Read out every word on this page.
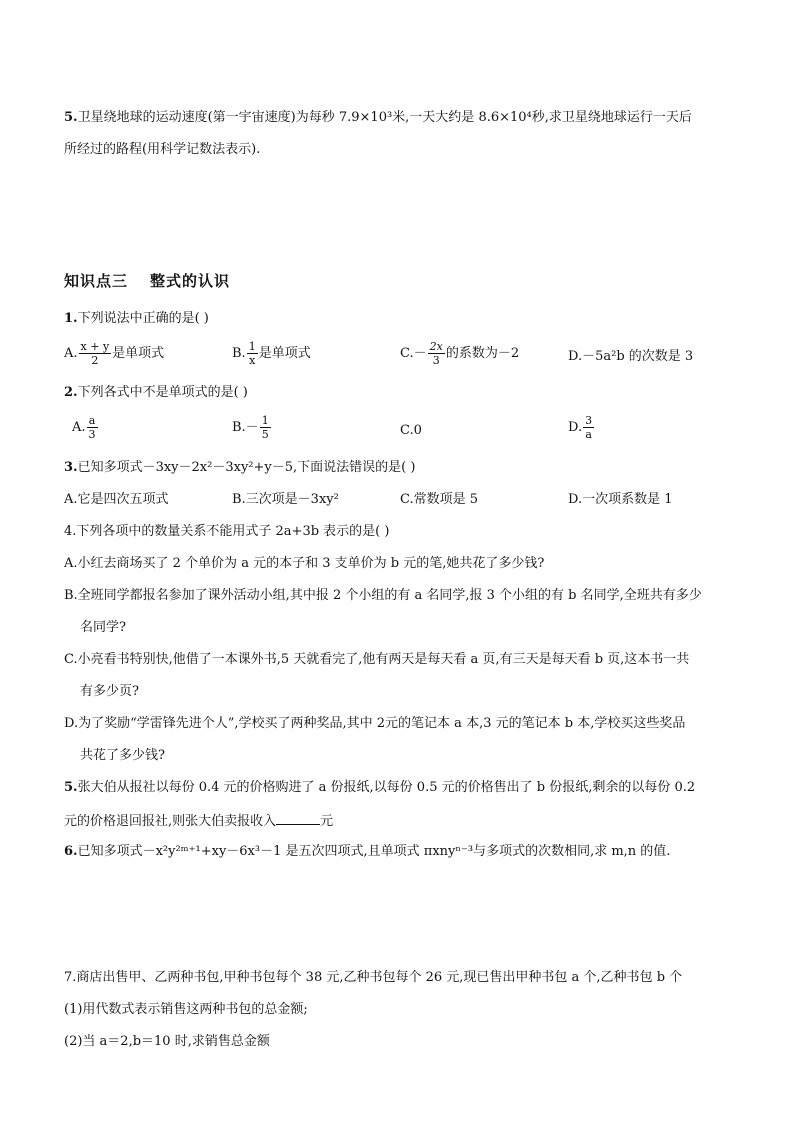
5.卫星绕地球的运动速度(第一宇宙速度)为每秒 7.9×10³米,一天大约是 8.6×10⁴秒,求卫星绕地球运行一天后
所经过的路程(用科学记数法表示).
知识点三 整式的认识
1.下列说法中正确的是( )
A. $\frac{x + y}{2}$ 是单项式	B. $\frac{1}{x}$ 是单项式	$C.- \frac{2x}{3}$ 的系数为－2	D.－5a²b 的次数是 3
2.下列各式中不是单项式的是( )
A. $\frac{a}{3}$	$B.- \frac{1}{5}$	C.0	D. $\frac{3}{a}$
3.已知多项式－3xy－2x²－3xy²+y－5,下面说法错误的是( )
A.它是四次五项式	B.三次项是－3xy²	C.常数项是 5	D.一次项系数是 1
4.下列各项中的数量关系不能用式子 2a+3b 表示的是( )
A.小红去商场买了 2 个单价为 a 元的本子和 3 支单价为 b 元的笔,她共花了多少钱?
B.全班同学都报名参加了课外活动小组,其中报 2 个小组的有 a 名同学,报 3 个小组的有 b 名同学,全班共有多少
名同学?
C.小亮看书特别快,他借了一本课外书,5 天就看完了,他有两天是每天看 a 页,有三天是每天看 b 页,这本书一共
有多少页?
D.为了奖励“学雷锋先进个人”,学校买了两种奖品,其中 2元的笔记本 a 本,3 元的笔记本 b 本,学校买这些奖品
共花了多少钱?
5.张大伯从报社以每份 0.4 元的价格购进了 a 份报纸,以每份 0.5 元的价格售出了 b 份报纸,剩余的以每份 0.2
元的价格退回报社,则张大伯卖报收入	元
6.已知多项式－x²y²ᵐ⁺¹+xy－6x³－1 是五次四项式,且单项式 πxnyⁿ⁻³与多项式的次数相同,求 m,n 的值.
7.商店出售甲、乙两种书包,甲种书包每个 38 元,乙种书包每个 26 元,现已售出甲种书包 a 个,乙种书包 b 个
(1)用代数式表示销售这两种书包的总金额;
(2)当 a＝2,b＝10 时,求销售总金额
